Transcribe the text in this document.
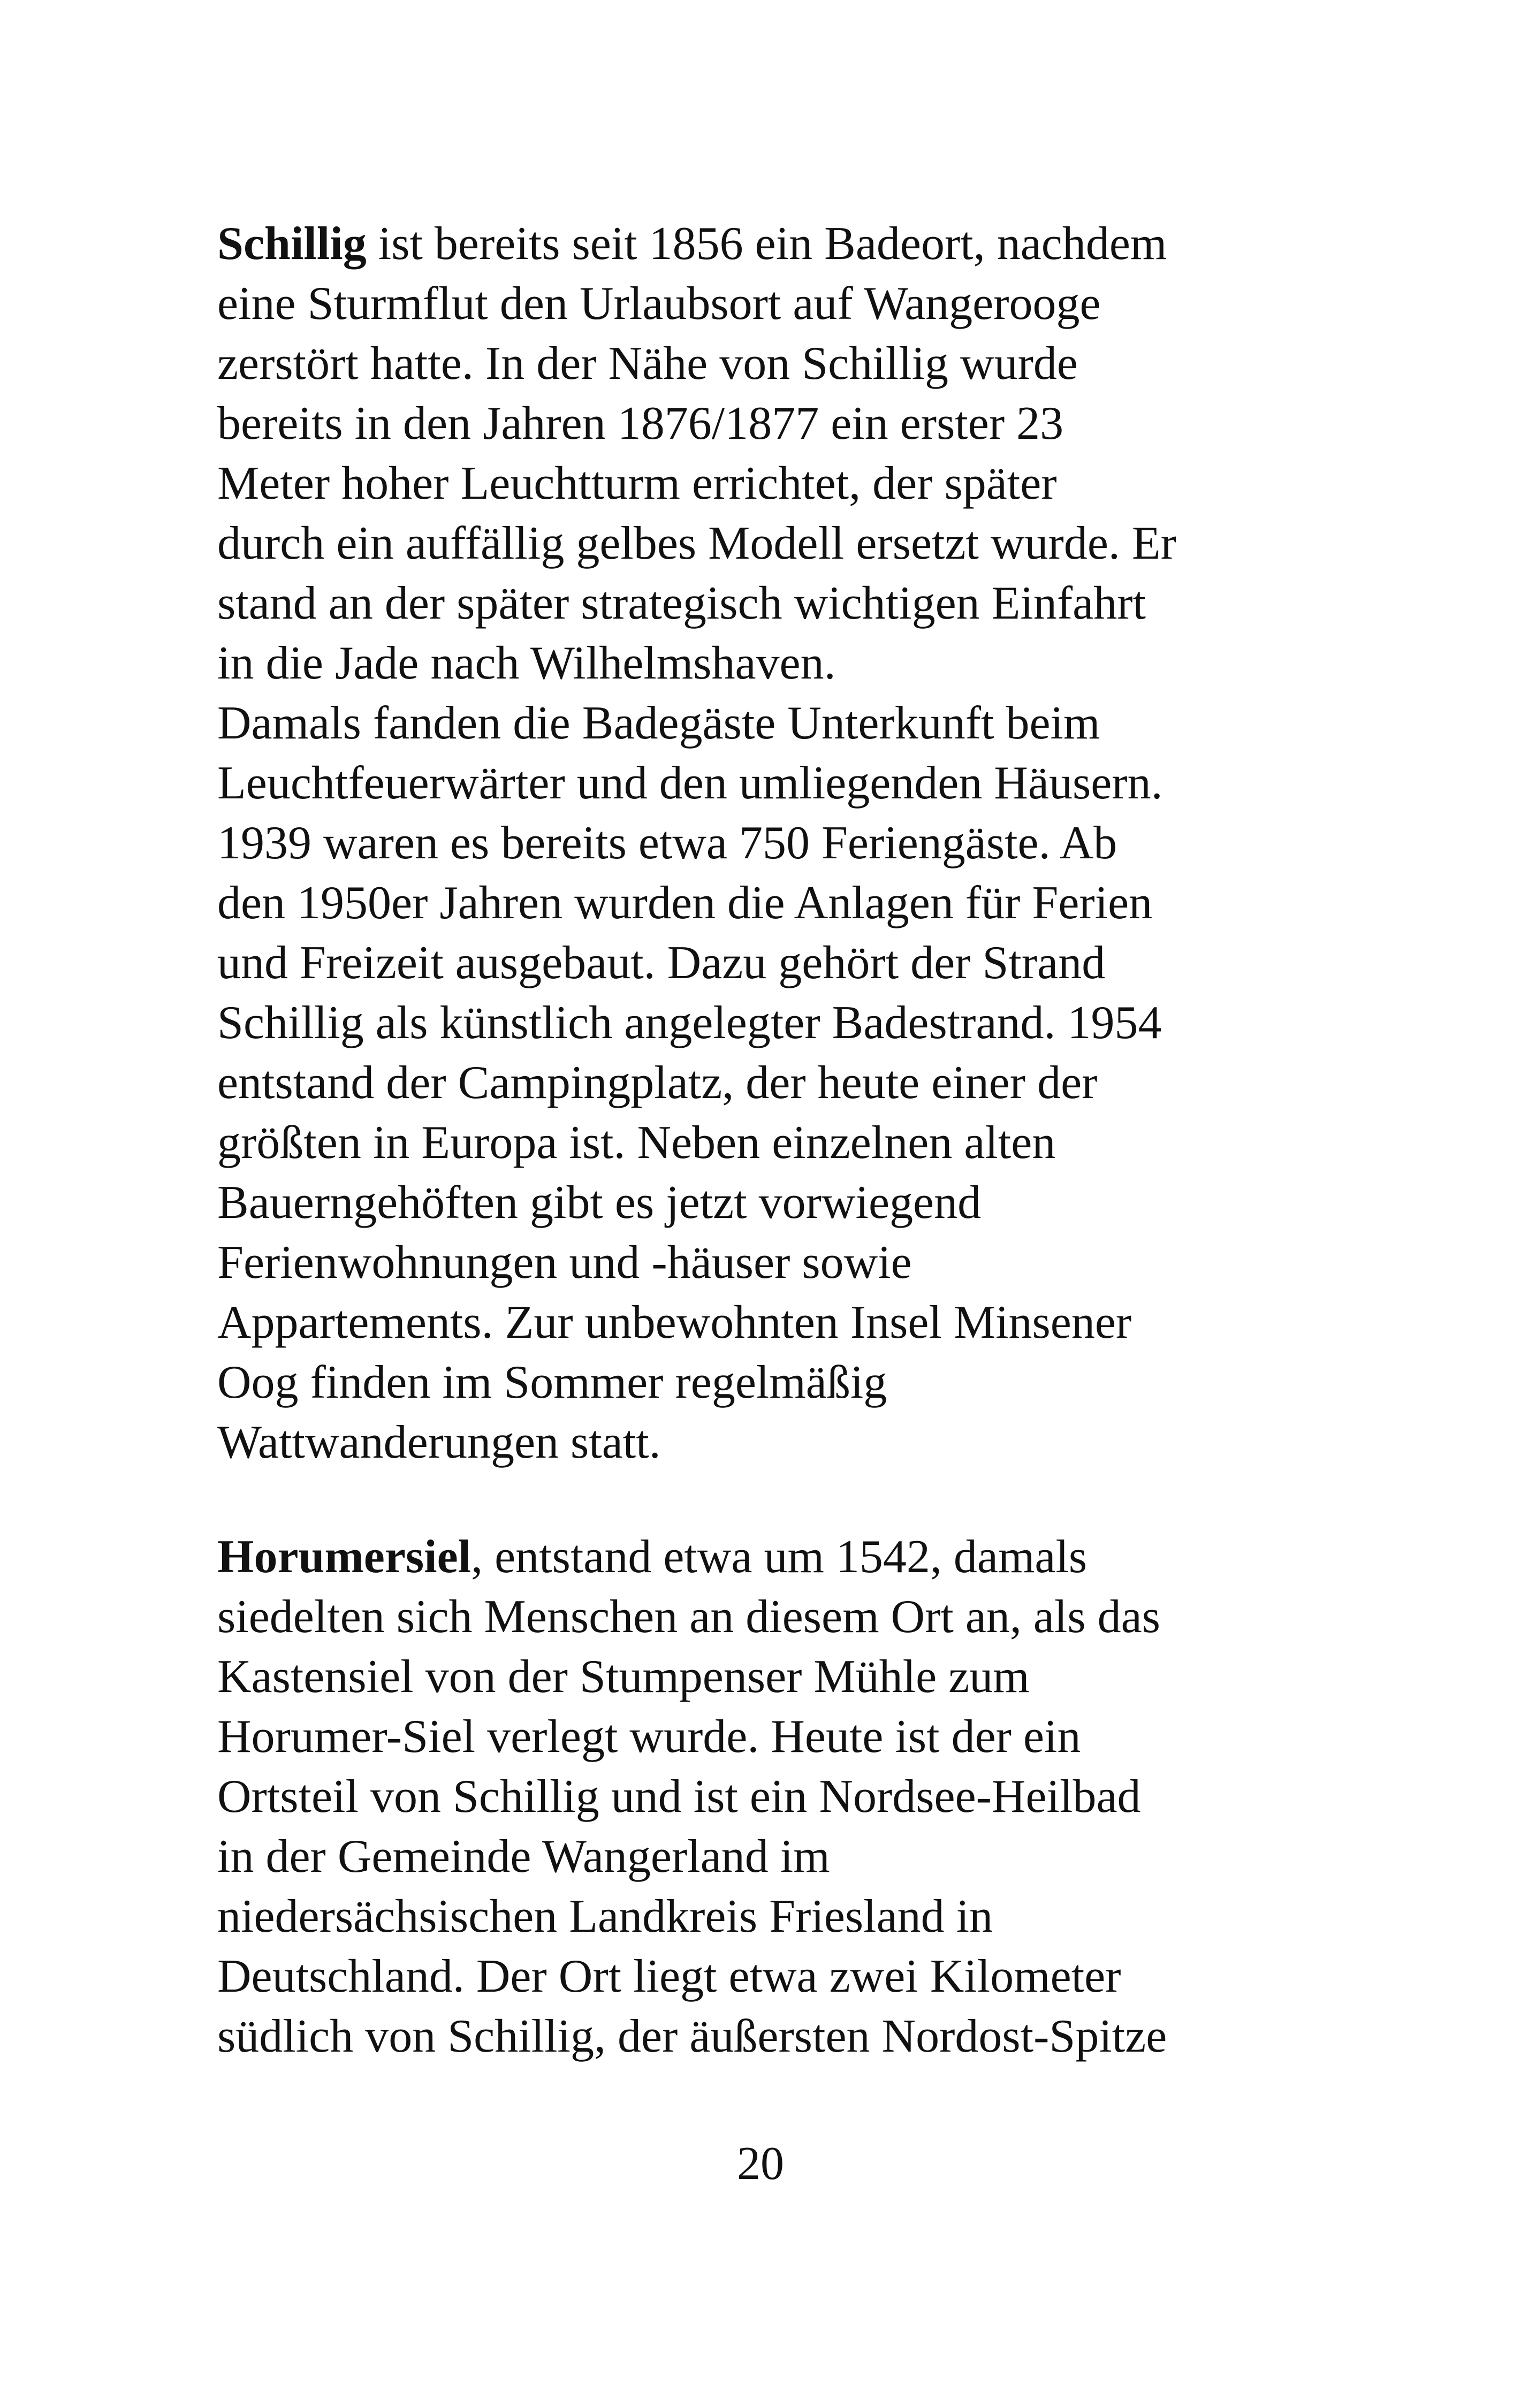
Schillig ist bereits seit 1856 ein Badeort, nachdem
eine Sturmflut den Urlaubsort auf Wangerooge
zerstört hatte. In der Nähe von Schillig wurde
bereits in den Jahren 1876/1877 ein erster 23
Meter hoher Leuchtturm errichtet, der später
durch ein auffällig gelbes Modell ersetzt wurde. Er
stand an der später strategisch wichtigen Einfahrt
in die Jade nach Wilhelmshaven.
Damals fanden die Badegäste Unterkunft beim
Leuchtfeuerwärter und den umliegenden Häusern.
1939 waren es bereits etwa 750 Feriengäste. Ab
den 1950er Jahren wurden die Anlagen für Ferien
und Freizeit ausgebaut. Dazu gehört der Strand
Schillig als künstlich angelegter Badestrand. 1954
entstand der Campingplatz, der heute einer der
größten in Europa ist. Neben einzelnen alten
Bauerngehöften gibt es jetzt vorwiegend
Ferienwohnungen und -häuser sowie
Appartements. Zur unbewohnten Insel Minsener
Oog finden im Sommer regelmäßig
Wattwanderungen statt.
Horumersiel, entstand etwa um 1542, damals
siedelten sich Menschen an diesem Ort an, als das
Kastensiel von der Stumpenser Mühle zum
Horumer-Siel verlegt wurde. Heute ist der ein
Ortsteil von Schillig und ist ein Nordsee-Heilbad
in der Gemeinde Wangerland im
niedersächsischen Landkreis Friesland in
Deutschland. Der Ort liegt etwa zwei Kilometer
südlich von Schillig, der äußersten Nordost-Spitze
20
